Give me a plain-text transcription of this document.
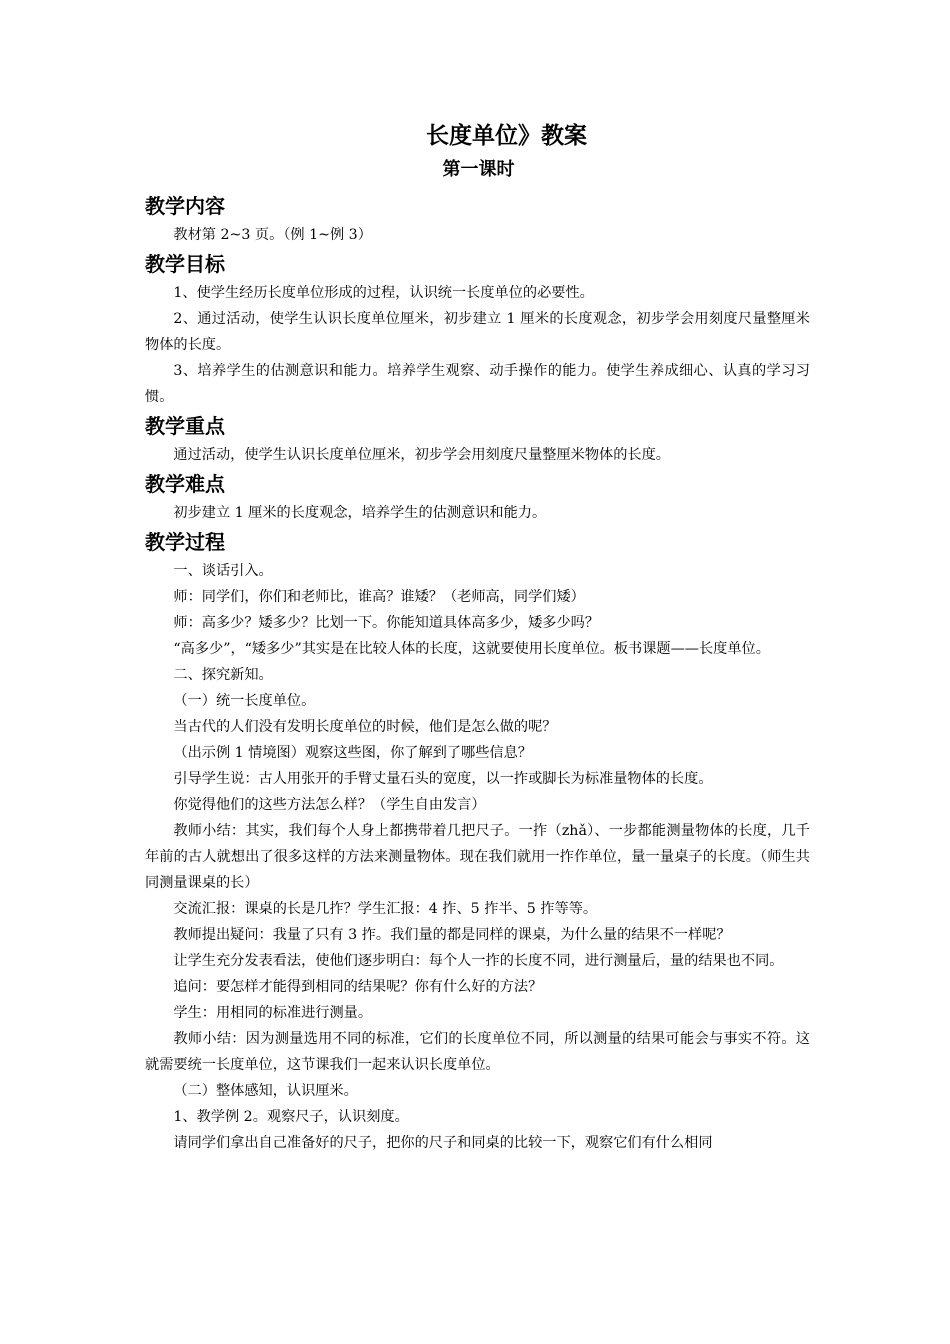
长度单位》教案
第一课时
教学内容

教材第 2~3 页。（例 1~例 3）

教学目标

1、使学生经历长度单位形成的过程，认识统一长度单位的必要性。

2、通过活动，使学生认识长度单位厘米，初步建立 1 厘米的长度观念，初步学会用刻度尺量整厘米物体的长度。

3、培养学生的估测意识和能力。培养学生观察、动手操作的能力。使学生养成细心、认真的学习习惯。

教学重点

通过活动，使学生认识长度单位厘米，初步学会用刻度尺量整厘米物体的长度。

教学难点

初步建立 1 厘米的长度观念，培养学生的估测意识和能力。

教学过程

一、谈话引入。

师：同学们，你们和老师比，谁高？谁矮？（老师高，同学们矮）

师：高多少？矮多少？比划一下。你能知道具体高多少，矮多少吗？

“高多少”，“矮多少”其实是在比较人体的长度，这就要使用长度单位。板书课题——长度单位。

二、探究新知。

（一）统一长度单位。

当古代的人们没有发明长度单位的时候，他们是怎么做的呢？

（出示例 1 情境图）观察这些图，你了解到了哪些信息？

引导学生说：古人用张开的手臂丈量石头的宽度，以一拃或脚长为标准量物体的长度。

你觉得他们的这些方法怎么样？（学生自由发言）

教师小结：其实，我们每个人身上都携带着几把尺子。一拃（zhǎ）、一步都能测量物体的长度，几千年前的古人就想出了很多这样的方法来测量物体。现在我们就用一拃作单位，量一量桌子的长度。（师生共同测量课桌的长）

交流汇报：课桌的长是几拃？学生汇报：4 拃、5 拃半、5 拃等等。

教师提出疑问：我量了只有 3 拃。我们量的都是同样的课桌，为什么量的结果不一样呢？

让学生充分发表看法，使他们逐步明白：每个人一拃的长度不同，进行测量后，量的结果也不同。

追问：要怎样才能得到相同的结果呢？你有什么好的方法？

学生：用相同的标准进行测量。

教师小结：因为测量选用不同的标准，它们的长度单位不同，所以测量的结果可能会与事实不符。这就需要统一长度单位，这节课我们一起来认识长度单位。

（二）整体感知，认识厘米。

1、教学例 2。观察尺子，认识刻度。

请同学们拿出自己准备好的尺子，把你的尺子和同桌的比较一下，观察它们有什么相同
